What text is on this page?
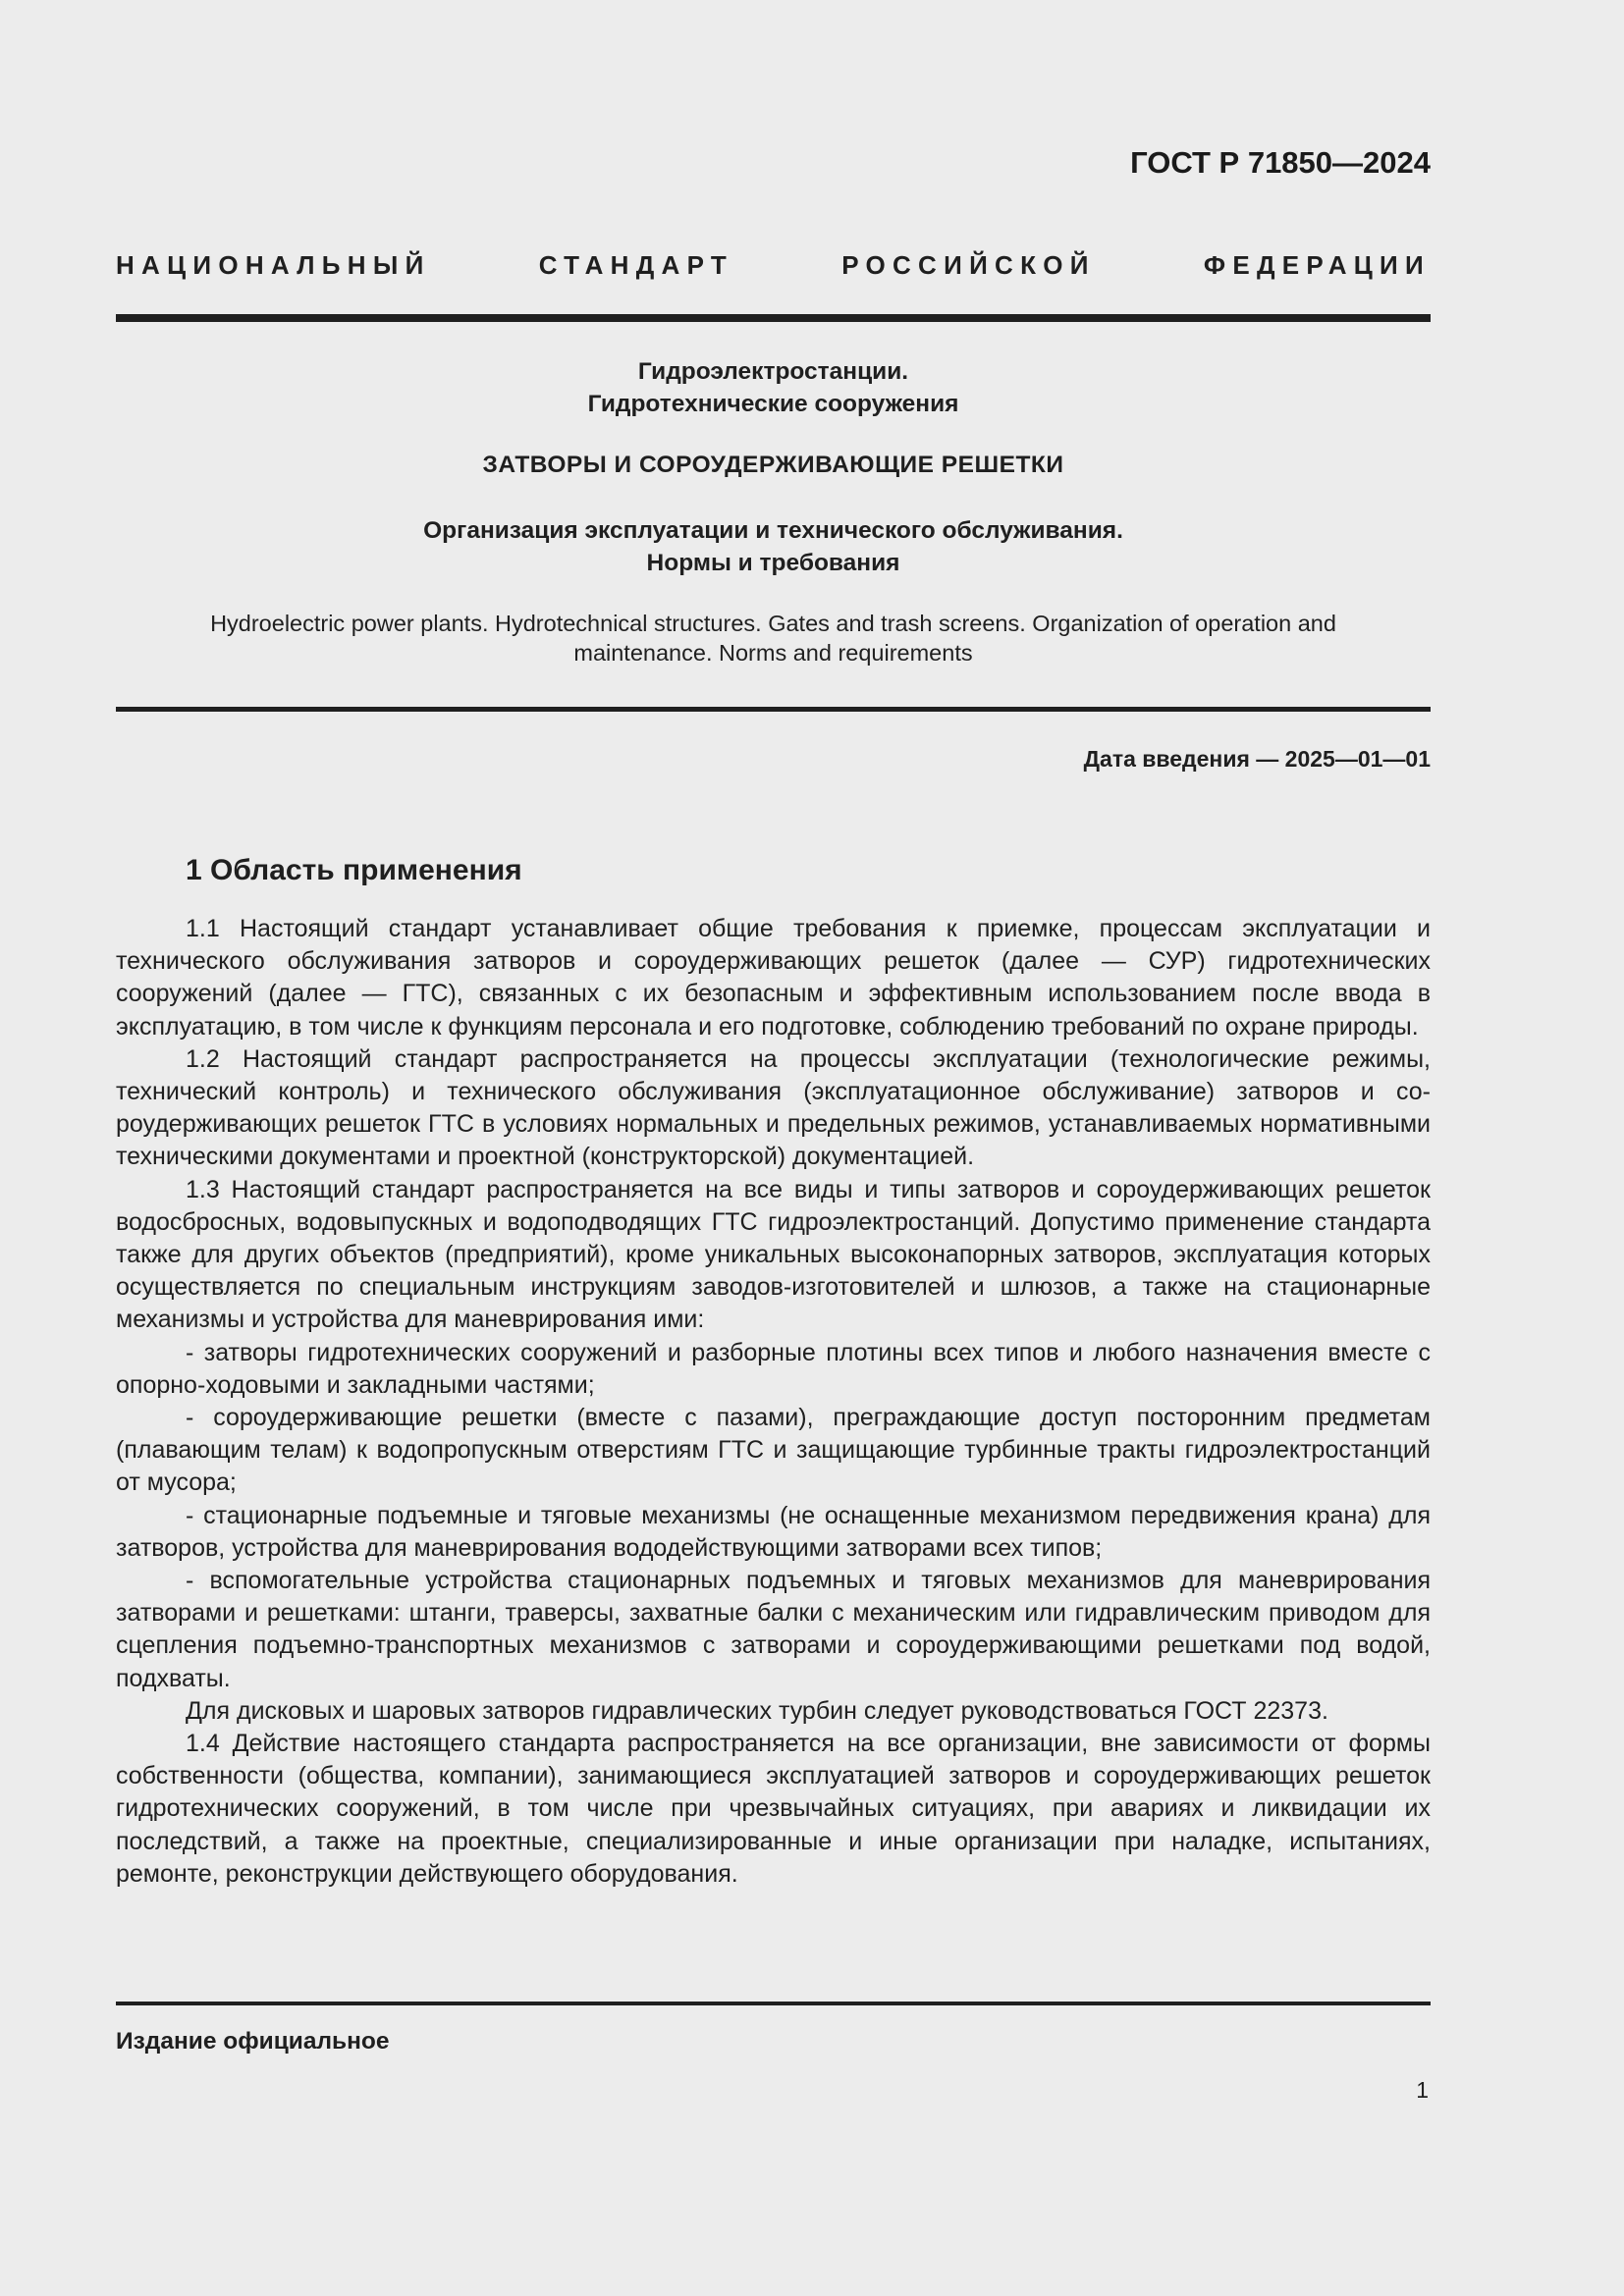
ГОСТ Р 71850—2024
НАЦИОНАЛЬНЫЙ СТАНДАРТ РОССИЙСКОЙ ФЕДЕРАЦИИ
Гидроэлектростанции.
Гидротехнические сооружения
ЗАТВОРЫ И СОРОУДЕРЖИВАЮЩИЕ РЕШЕТКИ
Организация эксплуатации и технического обслуживания.
Нормы и требования
Hydroelectric power plants. Hydrotechnical structures. Gates and trash screens. Organization of operation and maintenance. Norms and requirements
Дата введения — 2025—01—01
1 Область применения

1.1 Настоящий стандарт устанавливает общие требования к приемке, процессам эксплуатации и технического обслуживания затворов и сороудерживающих решеток (далее — СУР) гидротехнических сооружений (далее — ГТС), связанных с их безопасным и эффективным использованием после ввода в эксплуатацию, в том числе к функциям персонала и его подготовке, соблюдению требований по охране природы.

1.2 Настоящий стандарт распространяется на процессы эксплуатации (технологические режимы, технический контроль) и технического обслуживания (эксплуатационное обслуживание) затворов и сороудерживающих решеток ГТС в условиях нормальных и предельных режимов, устанавливаемых нормативными техническими документами и проектной (конструкторской) документацией.

1.3 Настоящий стандарт распространяется на все виды и типы затворов и сороудерживающих решеток водосбросных, водовыпускных и водоподводящих ГТС гидроэлектростанций. Допустимо применение стандарта также для других объектов (предприятий), кроме уникальных высоконапорных затворов, эксплуатация которых осуществляется по специальным инструкциям заводов-изготовителей и шлюзов, а также на стационарные механизмы и устройства для маневрирования ими:

- затворы гидротехнических сооружений и разборные плотины всех типов и любого назначения вместе с опорно-ходовыми и закладными частями;

- сороудерживающие решетки (вместе с пазами), преграждающие доступ посторонним предметам (плавающим телам) к водопропускным отверстиям ГТС и защищающие турбинные тракты гидроэлектростанций от мусора;

- стационарные подъемные и тяговые механизмы (не оснащенные механизмом передвижения крана) для затворов, устройства для маневрирования вододействующими затворами всех типов;

- вспомогательные устройства стационарных подъемных и тяговых механизмов для маневрирования затворами и решетками: штанги, траверсы, захватные балки с механическим или гидравлическим приводом для сцепления подъемно-транспортных механизмов с затворами и сороудерживающими решетками под водой, подхваты.

Для дисковых и шаровых затворов гидравлических турбин следует руководствоваться ГОСТ 22373.

1.4 Действие настоящего стандарта распространяется на все организации, вне зависимости от формы собственности (общества, компании), занимающиеся эксплуатацией затворов и сороудерживающих решеток гидротехнических сооружений, в том числе при чрезвычайных ситуациях, при авариях и ликвидации их последствий, а также на проектные, специализированные и иные организации при наладке, испытаниях, ремонте, реконструкции действующего оборудования.

Издание официальное
1
